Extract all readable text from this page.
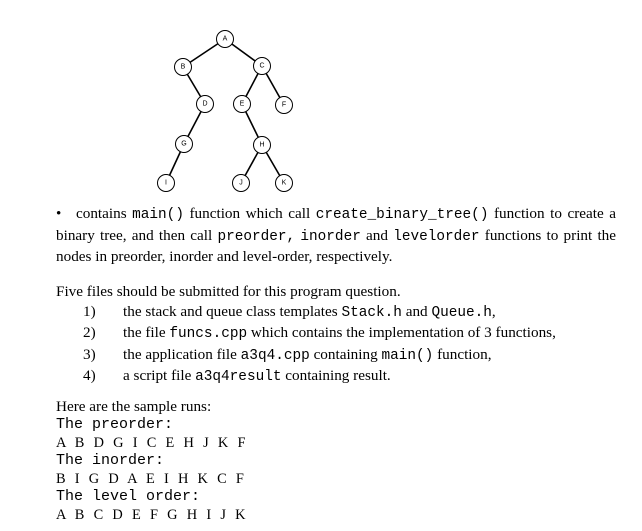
A
B	C
D	E	F
G
I
H
J	K
• contains main() function which call create_binary_tree() function to create a binary tree, and then call preorder, inorder and levelorder functions to print the nodes in preorder, inorder and level-order, respectively.
Five files should be submitted for this program question.
1)	the stack and queue class templates Stack.h and Queue.h,
2)	the file funcs.cpp which contains the implementation of 3 functions,
3)	the application file a3q4.cpp containing main() function,
4)	a script file a3q4result containing result.
Here are the sample runs:
The preorder:
A B D G I C E H J K F
The inorder:
B I G D A E I H K C F
The level order:
A B C D E F G H I J K
